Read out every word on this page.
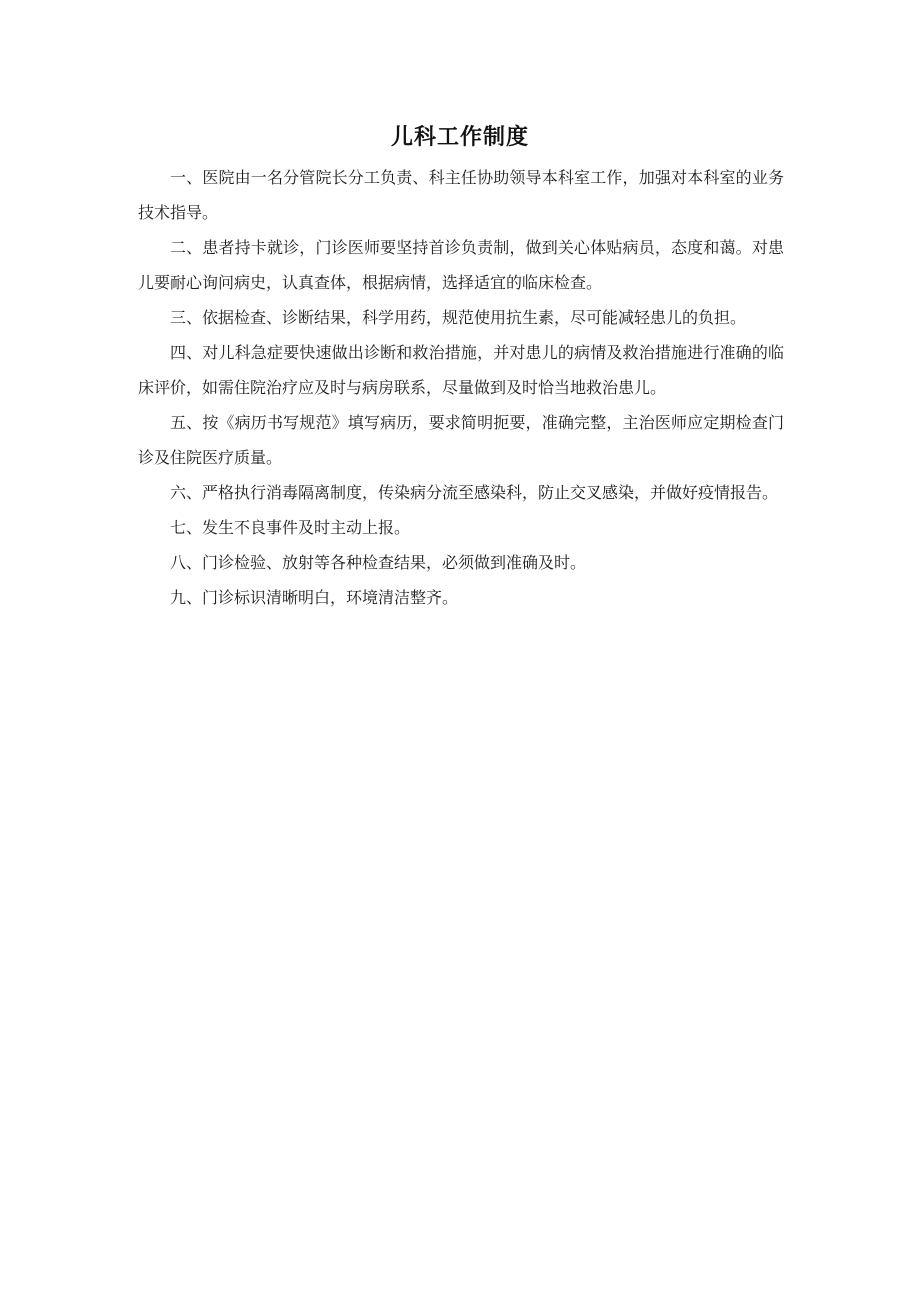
儿科工作制度

一、医院由一名分管院长分工负责、科主任协助领导本科室工作，加强对本科室的业务技术指导。

二、患者持卡就诊，门诊医师要坚持首诊负责制，做到关心体贴病员，态度和蔼。对患儿要耐心询问病史，认真查体，根据病情，选择适宜的临床检查。

三、依据检查、诊断结果，科学用药，规范使用抗生素，尽可能减轻患儿的负担。

四、对儿科急症要快速做出诊断和救治措施，并对患儿的病情及救治措施进行准确的临床评价，如需住院治疗应及时与病房联系，尽量做到及时恰当地救治患儿。

五、按《病历书写规范》填写病历，要求简明扼要，准确完整，主治医师应定期检查门诊及住院医疗质量。

六、严格执行消毒隔离制度，传染病分流至感染科，防止交叉感染，并做好疫情报告。

七、发生不良事件及时主动上报。

八、门诊检验、放射等各种检查结果，必须做到准确及时。

九、门诊标识清晰明白，环境清洁整齐。
